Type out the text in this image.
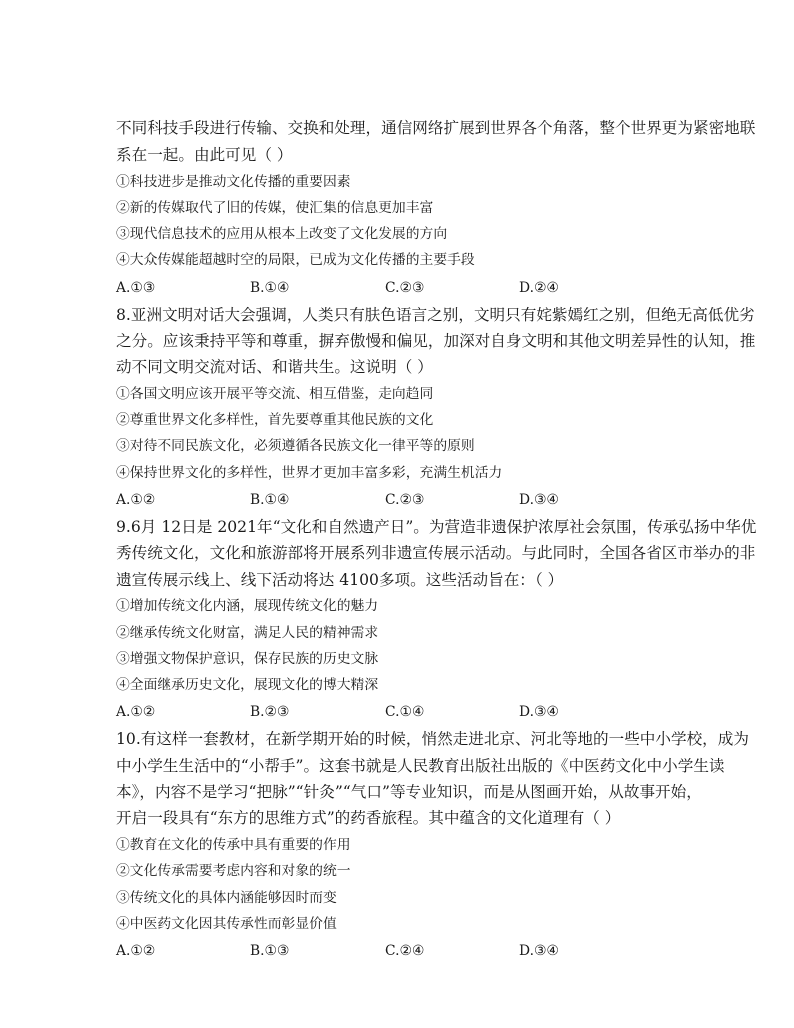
不同科技手段进行传输、交换和处理，通信网络扩展到世界各个角落，整个世界更为紧密地联
系在一起。由此可见（ ）
①科技进步是推动文化传播的重要因素
②新的传媒取代了旧的传媒，使汇集的信息更加丰富
③现代信息技术的应用从根本上改变了文化发展的方向
④大众传媒能超越时空的局限，已成为文化传播的主要手段
A.①③	B.①④	C.②③	D.②④
8.亚洲文明对话大会强调，人类只有肤色语言之别，文明只有姹紫嫣红之别，但绝无高低优劣
之分。应该秉持平等和尊重，摒弃傲慢和偏见，加深对自身文明和其他文明差异性的认知，推
动不同文明交流对话、和谐共生。这说明（ ）
①各国文明应该开展平等交流、相互借鉴，走向趋同
②尊重世界文化多样性，首先要尊重其他民族的文化
③对待不同民族文化，必须遵循各民族文化一律平等的原则
④保持世界文化的多样性，世界才更加丰富多彩，充满生机活力
A.①②	B.①④	C.②③	D.③④
9.6月 12日是 2021年“文化和自然遗产日”。为营造非遗保护浓厚社会氛围，传承弘扬中华优
秀传统文化，文化和旅游部将开展系列非遗宣传展示活动。与此同时，全国各省区市举办的非
遗宣传展示线上、线下活动将达 4100多项。这些活动旨在：（ ）
①增加传统文化内涵，展现传统文化的魅力
②继承传统文化财富，满足人民的精神需求
③增强文物保护意识，保存民族的历史文脉
④全面继承历史文化，展现文化的博大精深
A.①②	B.②③	C.①④	D.③④
10.有这样一套教材，在新学期开始的时候，悄然走进北京、河北等地的一些中小学校，成为
中小学生生活中的“小帮手”。这套书就是人民教育出版社出版的《中医药文化中小学生读
本》，内容不是学习“把脉”“针灸”“气口”等专业知识，而是从图画开始，从故事开始，
开启一段具有“东方的思维方式”的药香旅程。其中蕴含的文化道理有（ ）
①教育在文化的传承中具有重要的作用
②文化传承需要考虑内容和对象的统一
③传统文化的具体内涵能够因时而变
④中医药文化因其传承性而彰显价值
A.①②	B.①③	C.②④	D.③④
